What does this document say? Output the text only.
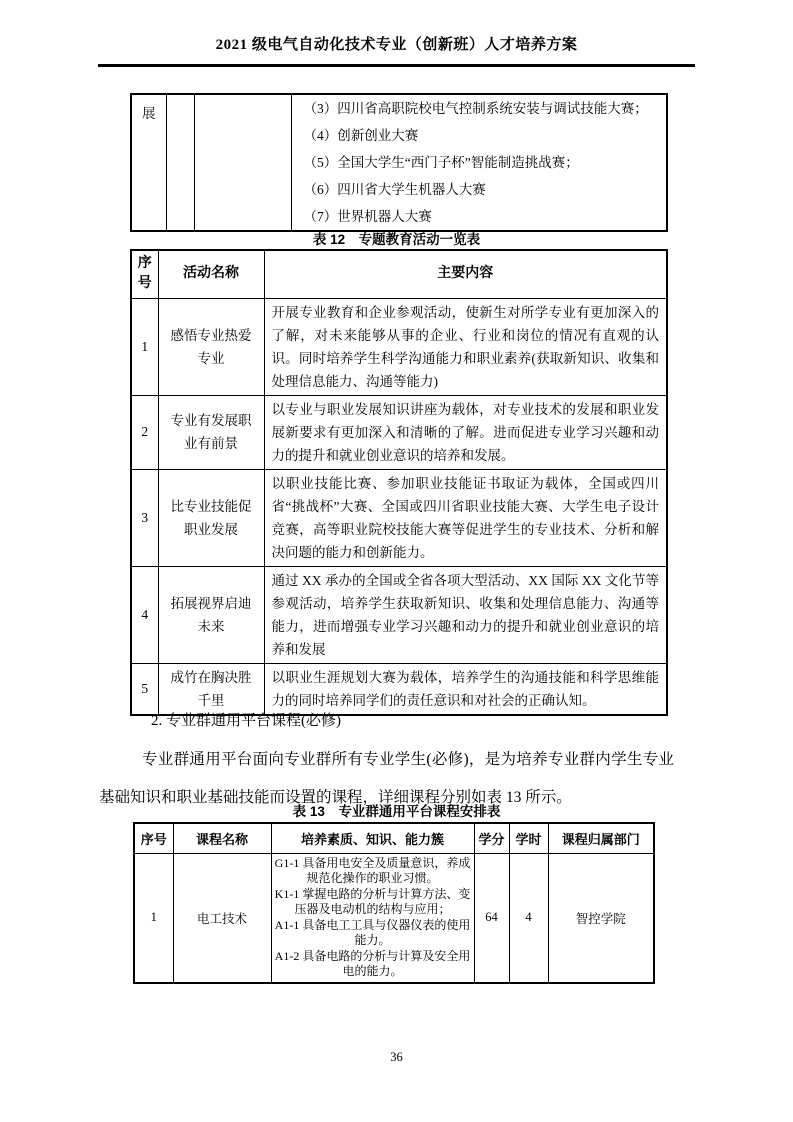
2021 级电气自动化技术专业（创新班）人才培养方案
展			（3）四川省高职院校电气控制系统安装与调试技能大赛；
（4）创新创业大赛
（5）全国大学生“西门子杯”智能制造挑战赛；
（6）四川省大学生机器人大赛
（7）世界机器人大赛
表 12　专题教育活动一览表
序号	活动名称	主要内容
1	感悟专业热爱专业	开展专业教育和企业参观活动，使新生对所学专业有更加深入的了解，对未来能够从事的企业、行业和岗位的情况有直观的认识。同时培养学生科学沟通能力和职业素养(获取新知识、收集和处理信息能力、沟通等能力)
2	专业有发展职业有前景	以专业与职业发展知识讲座为载体，对专业技术的发展和职业发展新要求有更加深入和清晰的了解。进而促进专业学习兴趣和动力的提升和就业创业意识的培养和发展。
3	比专业技能促职业发展	以职业技能比赛、参加职业技能证书取证为载体，全国或四川省“挑战杯”大赛、全国或四川省职业技能大赛、大学生电子设计竞赛，高等职业院校技能大赛等促进学生的专业技术、分析和解决问题的能力和创新能力。
4	拓展视界启迪未来	通过 XX 承办的全国或全省各项大型活动、XX 国际 XX 文化节等参观活动，培养学生获取新知识、收集和处理信息能力、沟通等能力，进而增强专业学习兴趣和动力的提升和就业创业意识的培养和发展
5	成竹在胸决胜千里	以职业生涯规划大赛为载体，培养学生的沟通技能和科学思维能力的同时培养同学们的责任意识和对社会的正确认知。
2. 专业群通用平台课程(必修)
专业群通用平台面向专业群所有专业学生(必修)，是为培养专业群内学生专业基础知识和职业基础技能而设置的课程，详细课程分别如表 13 所示。
表 13　专业群通用平台课程安排表
序号	课程名称	培养素质、知识、能力簇	学分	学时	课程归属部门
1	电工技术	G1-1 具备用电安全及质量意识，养成规范化操作的职业习惯。
K1-1 掌握电路的分析与计算方法、变压器及电动机的结构与应用；
A1-1 具备电工工具与仪器仪表的使用能力。
A1-2 具备电路的分析与计算及安全用电的能力。	64	4	智控学院
36
